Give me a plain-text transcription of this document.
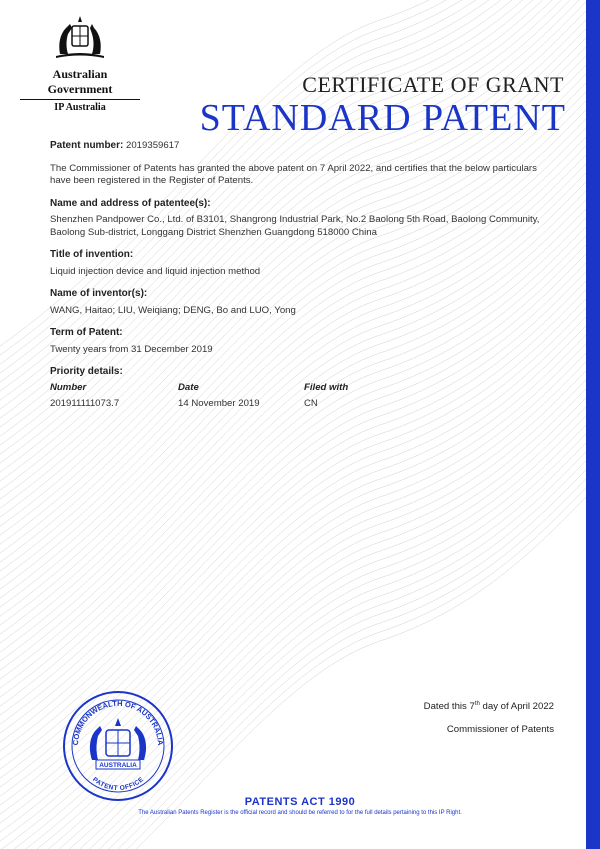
Australian Government
IP Australia
CERTIFICATE OF GRANT
STANDARD PATENT
Patent number: 2019359617
The Commissioner of Patents has granted the above patent on 7 April 2022, and certifies that the below particulars have been registered in the Register of Patents.
Name and address of patentee(s):
Shenzhen Pandpower Co., Ltd. of B3101, Shangrong Industrial Park, No.2 Baolong 5th Road, Baolong Community, Baolong Sub-district, Longgang District Shenzhen Guangdong 518000 China
Title of invention:
Liquid injection device and liquid injection method
Name of inventor(s):
WANG, Haitao; LIU, Weiqiang; DENG, Bo and LUO, Yong
Term of Patent:
Twenty years from 31 December 2019
Priority details:
Number	Date	Filed with
201911111073.7	14 November 2019	CN
COMMONWEALTH OF AUSTRALIA
PATENT OFFICE
AUSTRALIA
Dated this 7th day of April 2022
Commissioner of Patents
PATENTS ACT 1990
The Australian Patents Register is the official record and should be referred to for the full details pertaining to this IP Right.
